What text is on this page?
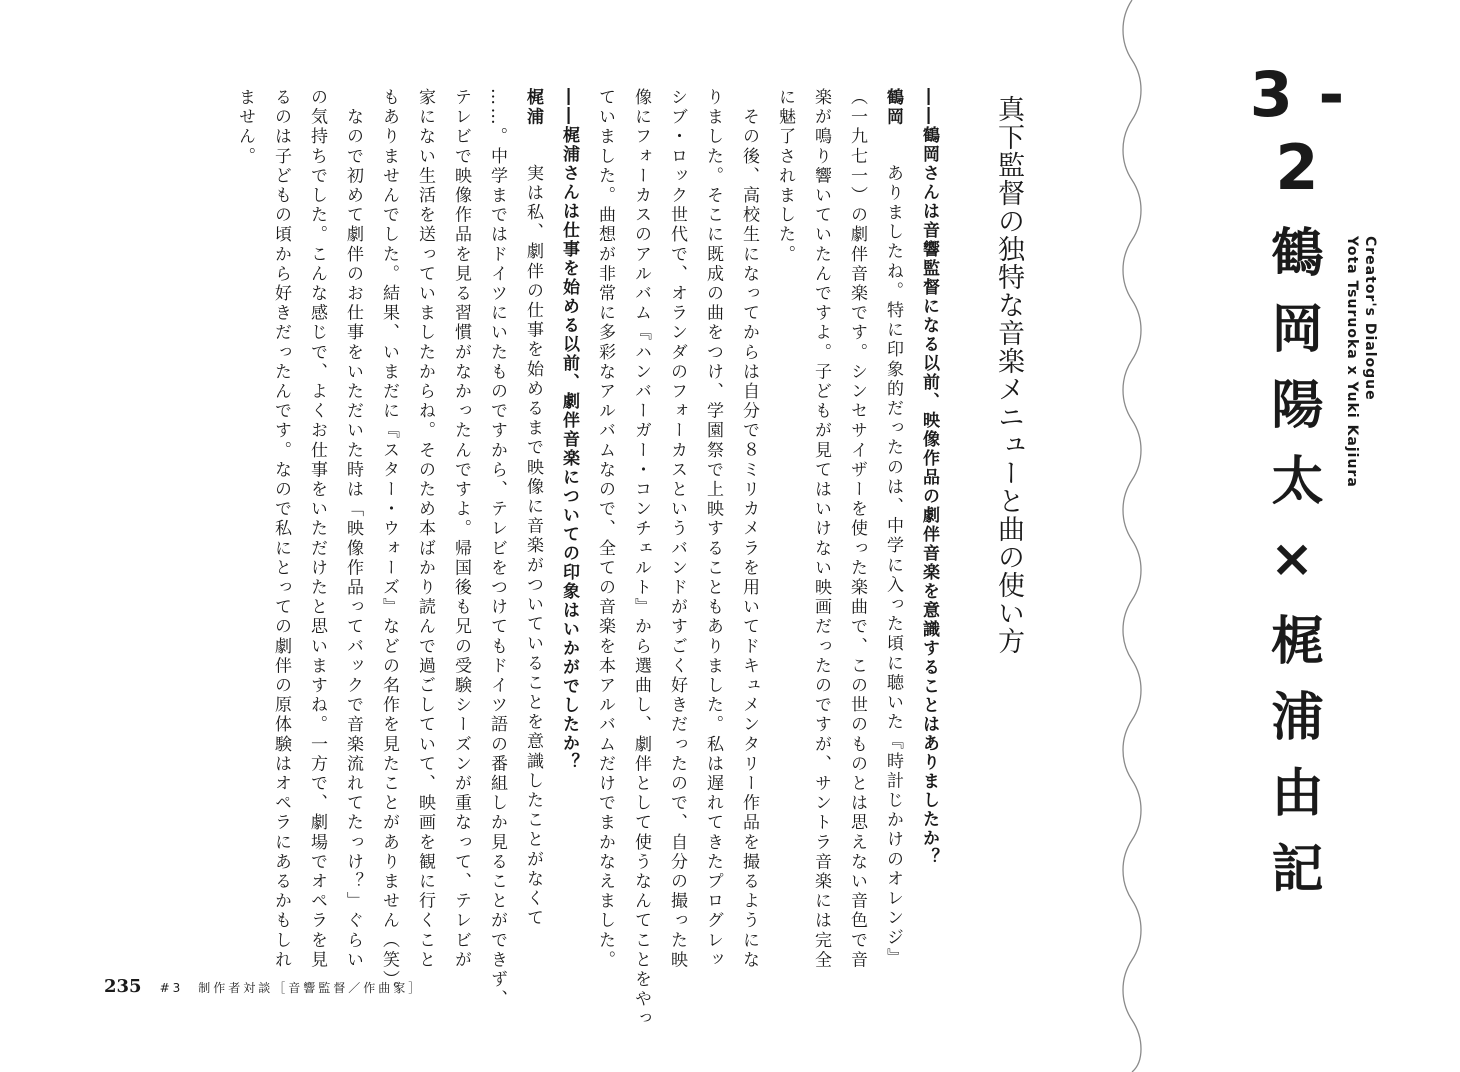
3 - 2
鶴岡陽太×梶浦由記	Creator's Dialogue
Yota Tsuruoka x Yuki Kajiura
真下監督の独特な音楽メニューと曲の使い方

――鶴岡さんは音響監督になる以前、映像作品の劇伴音楽を意識することはありましたか？

鶴岡　ありましたね。特に印象的だったのは、中学に入った頃に聴いた『時計じかけのオレンジ』

（一九七一）の劇伴音楽です。シンセサイザーを使った楽曲で、この世のものとは思えない音色で音

楽が鳴り響いていたんですよ。子どもが見てはいけない映画だったのですが、サントラ音楽には完全

に魅了されました。

　その後、高校生になってからは自分で８ミリカメラを用いてドキュメンタリー作品を撮るようにな

りました。そこに既成の曲をつけ、学園祭で上映することもありました。私は遅れてきたプログレッ

シブ・ロック世代で、オランダのフォーカスというバンドがすごく好きだったので、自分の撮った映

像にフォーカスのアルバム『ハンバーガー・コンチェルト』から選曲し、劇伴として使うなんてことをやっ

ていました。曲想が非常に多彩なアルバムなので、全ての音楽を本アルバムだけでまかなえました。

――梶浦さんは仕事を始める以前、劇伴音楽についての印象はいかがでしたか？

梶浦　実は私、劇伴の仕事を始めるまで映像に音楽がついていることを意識したことがなくて

……。中学まではドイツにいたものですから、テレビをつけてもドイツ語の番組しか見ることができず、

テレビで映像作品を見る習慣がなかったんですよ。帰国後も兄の受験シーズンが重なって、テレビが

家にない生活を送っていましたからね。そのため本ばかり読んで過ごしていて、映画を観に行くこと

もありませんでした。結果、いまだに『スター・ウォーズ』などの名作を見たことがありません（笑）。

　なので初めて劇伴のお仕事をいただいた時は「映像作品ってバックで音楽流れてたっけ？」ぐらい

の気持ちでした。こんな感じで、よくお仕事をいただけたと思いますね。一方で、劇場でオペラを見

るのは子どもの頃から好きだったんです。なので私にとっての劇伴の原体験はオペラにあるかもしれ

ません。

235 #3　制作者対談［音響監督／作曲家］
